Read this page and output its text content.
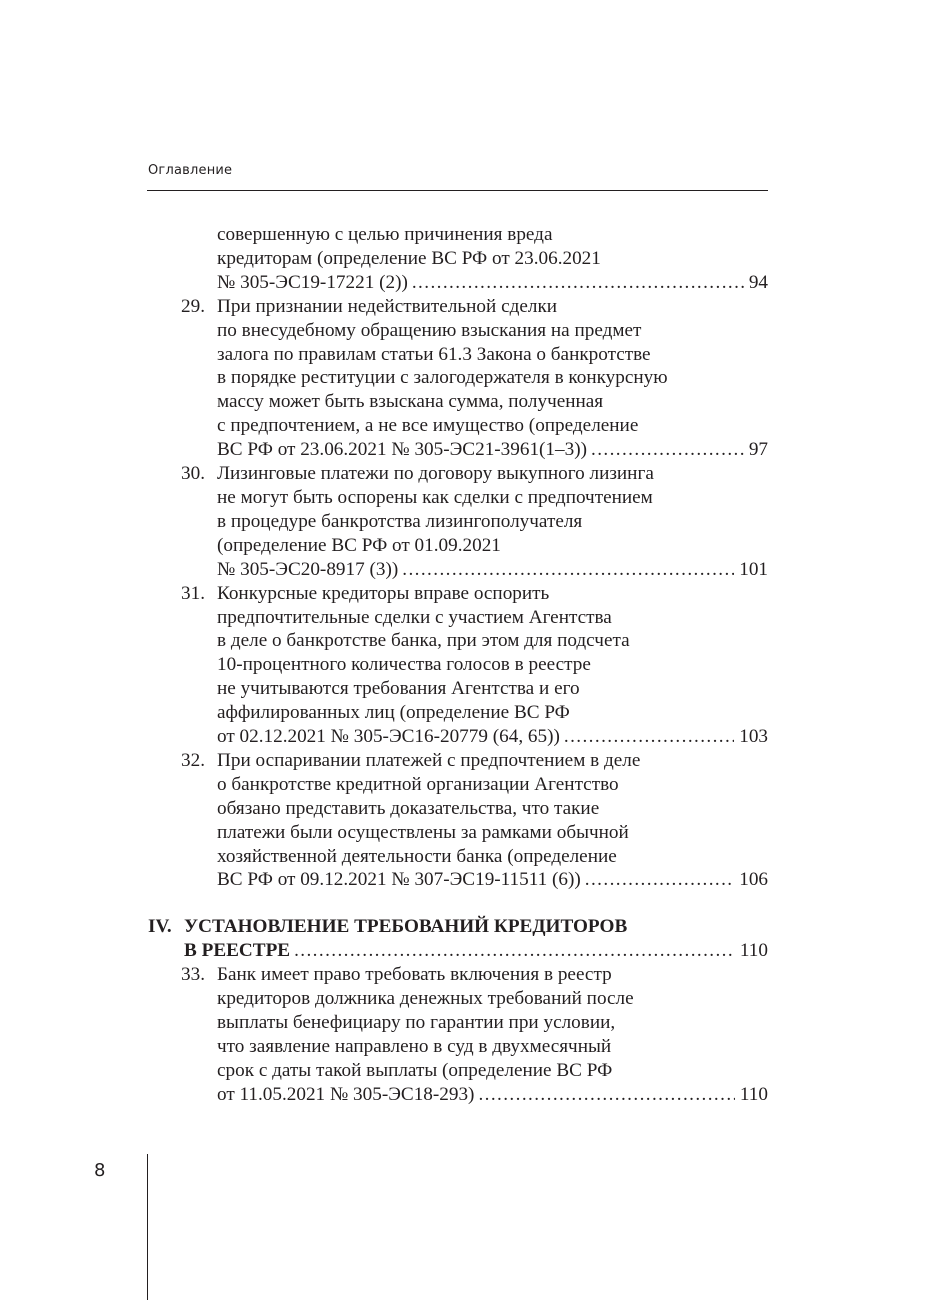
Оглавление
совершенную с целью причинения вреда
кредиторам (определение ВС РФ от 23.06.2021
№ 305-ЭС19-17221 (2)) .....	94
29. При признании недействительной сделки
по внесудебному обращению взыскания на предмет
залога по правилам статьи 61.3 Закона о банкротстве
в порядке реституции с залогодержателя в конкурсную
массу может быть взыскана сумма, полученная
с предпочтением, а не все имущество (определение
ВС РФ от 23.06.2021 № 305-ЭС21-3961(1–3)) .....	97
30. Лизинговые платежи по договору выкупного лизинга
не могут быть оспорены как сделки с предпочтением
в процедуре банкротства лизингополучателя
(определение ВС РФ от 01.09.2021
№ 305-ЭС20-8917 (3)) .....	101
31. Конкурсные кредиторы вправе оспорить
предпочтительные сделки с участием Агентства
в деле о банкротстве банка, при этом для подсчета
10-процентного количества голосов в реестре
не учитываются требования Агентства и его
аффилированных лиц (определение ВС РФ
от 02.12.2021 № 305-ЭС16-20779 (64, 65)) .....	103
32. При оспаривании платежей с предпочтением в деле
о банкротстве кредитной организации Агентство
обязано представить доказательства, что такие
платежи были осуществлены за рамками обычной
хозяйственной деятельности банка (определение
ВС РФ от 09.12.2021 № 307-ЭС19-11511 (6)) .....	106
IV. УСТАНОВЛЕНИЕ ТРЕБОВАНИЙ КРЕДИТОРОВ
В РЕЕСТРЕ .....	110
33. Банк имеет право требовать включения в реестр
кредиторов должника денежных требований после
выплаты бенефициару по гарантии при условии,
что заявление направлено в суд в двухмесячный
срок с даты такой выплаты (определение ВС РФ
от 11.05.2021 № 305-ЭС18-293) .....	110
8
